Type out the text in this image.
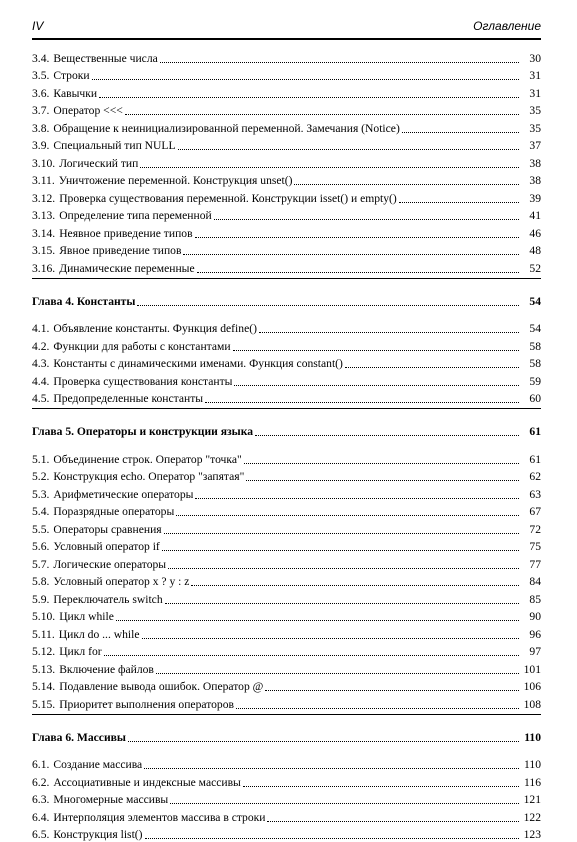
IV	Оглавление
3.4. Вещественные числа	30
3.5. Строки	31
3.6. Кавычки	31
3.7. Оператор <<<	35
3.8. Обращение к неинициализированной переменной. Замечания (Notice)	35
3.9. Специальный тип NULL	37
3.10. Логический тип	38
3.11. Уничтожение переменной. Конструкция unset()	38
3.12. Проверка существования переменной. Конструкции isset() и empty()	39
3.13. Определение типа переменной	41
3.14. Неявное приведение типов	46
3.15. Явное приведение типов	48
3.16. Динамические переменные	52
Глава 4. Константы	54
4.1. Объявление константы. Функция define()	54
4.2. Функции для работы с константами	58
4.3. Константы с динамическими именами. Функция constant()	58
4.4. Проверка существования константы	59
4.5. Предопределенные константы	60
Глава 5. Операторы и конструкции языка	61
5.1. Объединение строк. Оператор "точка"	61
5.2. Конструкция echo. Оператор "запятая"	62
5.3. Арифметические операторы	63
5.4. Поразрядные операторы	67
5.5. Операторы сравнения	72
5.6. Условный оператор if	75
5.7. Логические операторы	77
5.8. Условный оператор x ? y : z	84
5.9. Переключатель switch	85
5.10. Цикл while	90
5.11. Цикл do ... while	96
5.12. Цикл for	97
5.13. Включение файлов	101
5.14. Подавление вывода ошибок. Оператор @	106
5.15. Приоритет выполнения операторов	108
Глава 6. Массивы	110
6.1. Создание массива	110
6.2. Ассоциативные и индексные массивы	116
6.3. Многомерные массивы	121
6.4. Интерполяция элементов массива в строки	122
6.5. Конструкция list()	123
